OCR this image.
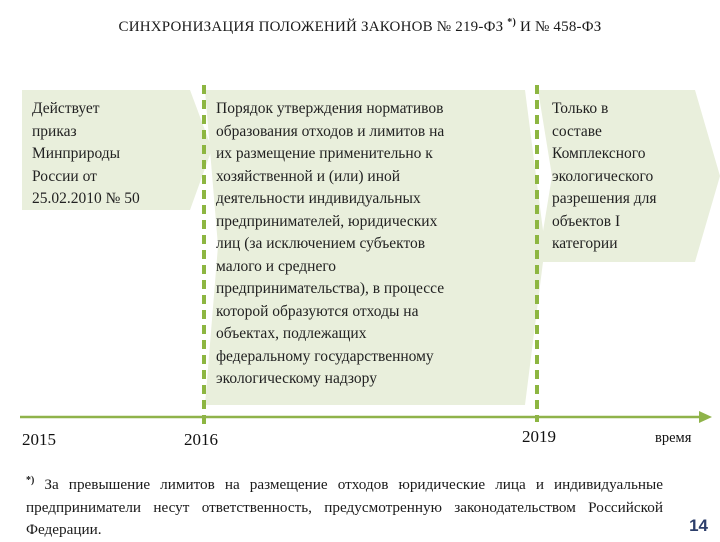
СИНХРОНИЗАЦИЯ ПОЛОЖЕНИЙ ЗАКОНОВ № 219-ФЗ *) И № 458-ФЗ
Действует
приказ
Минприроды
России от
25.02.2010 № 50
Порядок утверждения нормативов
образования отходов и лимитов на
их размещение применительно к
хозяйственной и (или) иной
деятельности индивидуальных
предпринимателей, юридических
лиц (за исключением субъектов
малого и среднего
предпринимательства), в процессе
которой образуются отходы на
объектах, подлежащих
федеральному государственному
экологическому надзору
Только в
составе
Комплексного
экологического
разрешения для
объектов I
категории
2015	2016	2019	время
*) За превышение лимитов на размещение отходов юридические лица и индивидуальные предприниматели несут ответственность, предусмотренную законодательством Российской Федерации.	14
